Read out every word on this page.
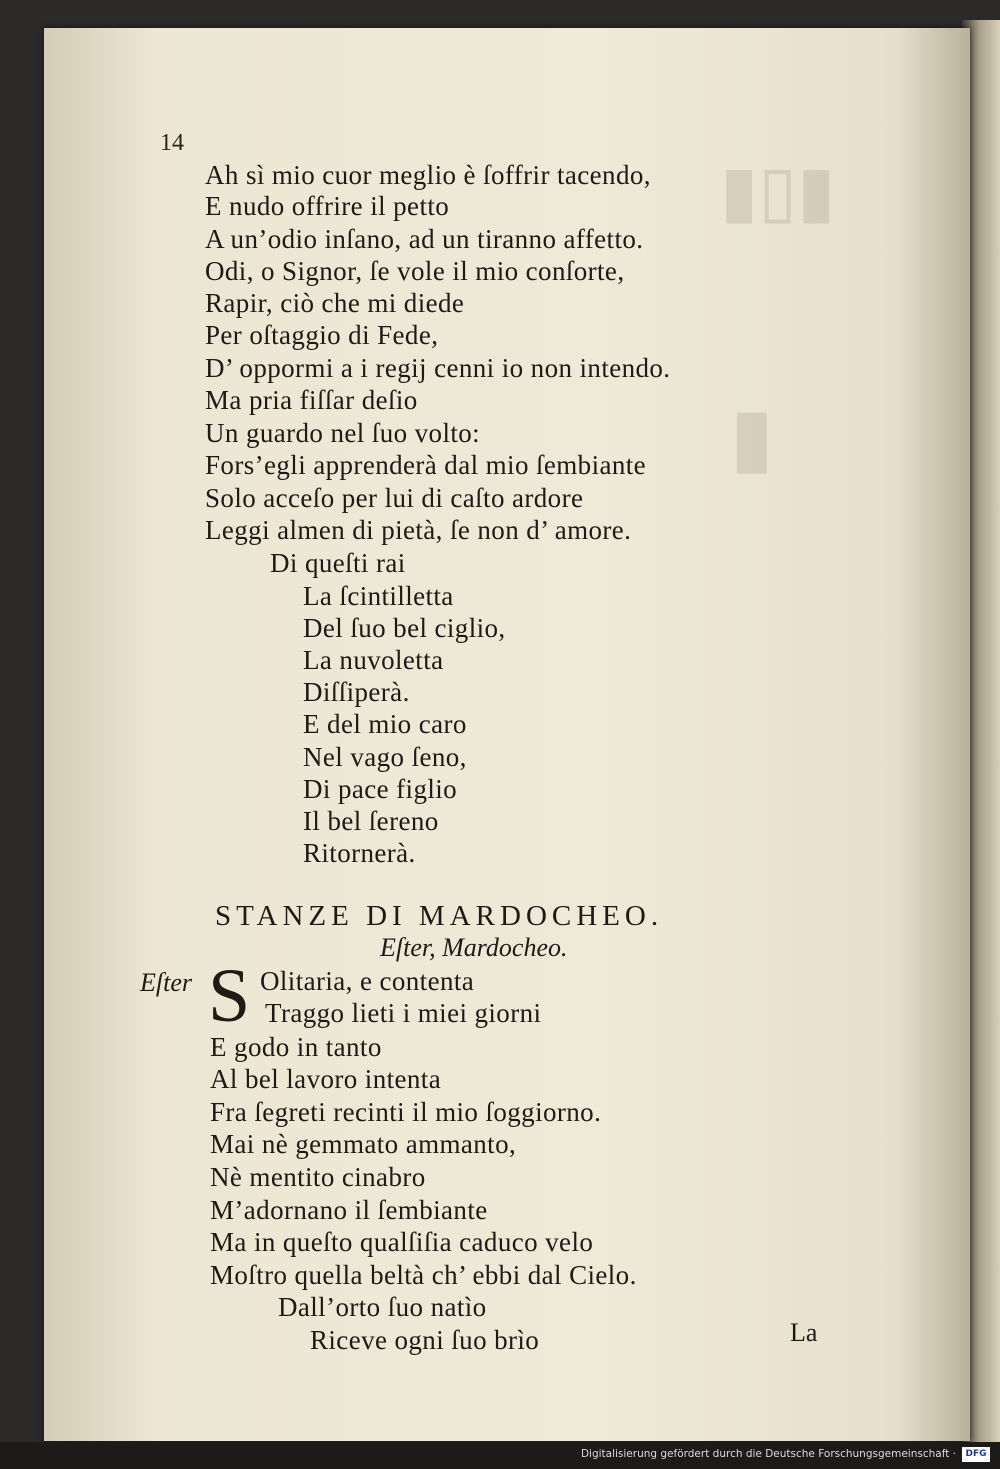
▮▯▮
▮
14
Ah sì mio cuor meglio è ſoffrir tacendo,
E nudo offrire il petto
A un’odio inſano, ad un tiranno affetto.
Odi, o Signor, ſe vole il mio conſorte,
Rapir, ciò che mi diede
Per oſtaggio di Fede,
D’ oppormi a i regij cenni io non intendo.
Ma pria fiſſar deſio
Un guardo nel ſuo volto:
Fors’egli apprenderà dal mio ſembiante
Solo acceſo per lui di caſto ardore
Leggi almen di pietà, ſe non d’ amore.
Di queſti rai
La ſcintilletta
Del ſuo bel ciglio,
La nuvoletta
Diſſiperà.
E del mio caro
Nel vago ſeno,
Di pace figlio
Il bel ſereno
Ritornerà.
STANZE DI MARDOCHEO.
Eſter, Mardocheo.
Eſter S Olitaria, e contenta
Traggo lieti i miei giorni
E godo in tanto
Al bel lavoro intenta
Fra ſegreti recinti il mio ſoggiorno.
Mai nè gemmato ammanto,
Nè mentito cinabro
M’adornano il ſembiante
Ma in queſto qualſiſia caduco velo
Moſtro quella beltà ch’ ebbi dal Cielo.
Dall’orto ſuo natìo
Riceve ogni ſuo brìo	La
Digitalisierung gefördert durch die Deutsche Forschungsgemeinschaft ·	DFG
